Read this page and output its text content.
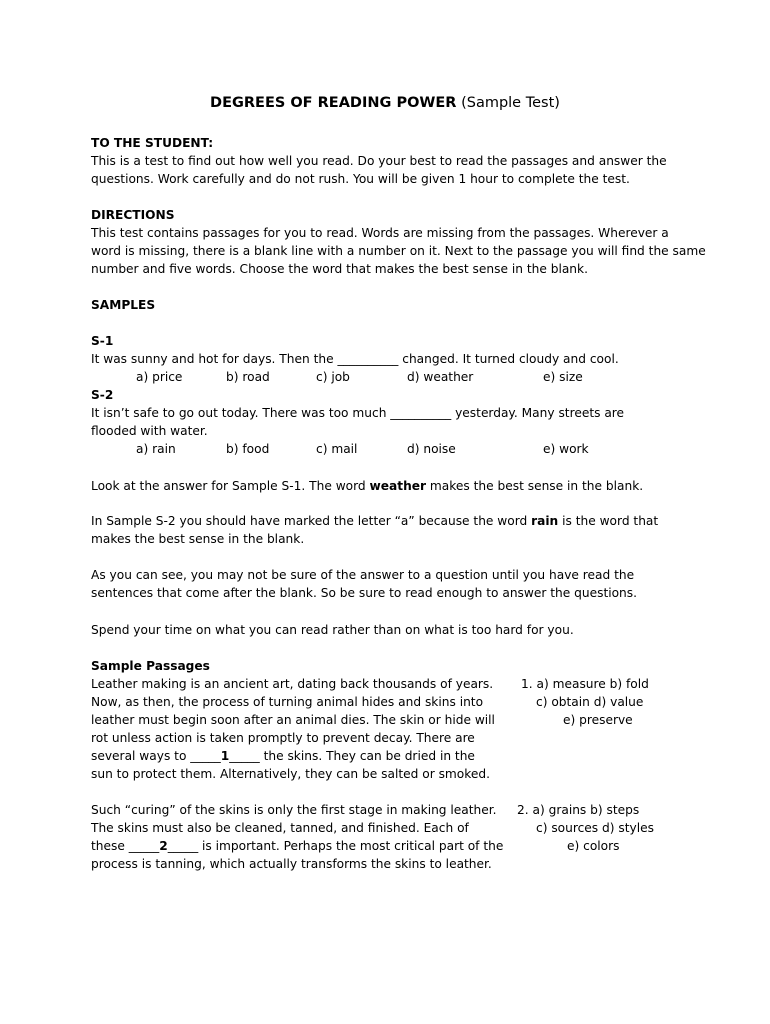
DEGREES OF READING POWER (Sample Test)
TO THE STUDENT:
This is a test to find out how well you read. Do your best to read the passages and answer the
questions. Work carefully and do not rush. You will be given 1 hour to complete the test.
DIRECTIONS
This test contains passages for you to read. Words are missing from the passages. Wherever a
word is missing, there is a blank line with a number on it. Next to the passage you will find the same
number and five words. Choose the word that makes the best sense in the blank.
SAMPLES
S-1
It was sunny and hot for days. Then the __________ changed. It turned cloudy and cool.
a) price	b) road	c) job	d) weather	e) size
S-2
It isn’t safe to go out today. There was too much __________ yesterday. Many streets are
flooded with water.
a) rain	b) food	c) mail	d) noise	e) work
Look at the answer for Sample S-1. The word weather makes the best sense in the blank.
In Sample S-2 you should have marked the letter “a” because the word rain is the word that
makes the best sense in the blank.
As you can see, you may not be sure of the answer to a question until you have read the
sentences that come after the blank. So be sure to read enough to answer the questions.
Spend your time on what you can read rather than on what is too hard for you.
Sample Passages
Leather making is an ancient art, dating back thousands of years.
Now, as then, the process of turning animal hides and skins into
leather must begin soon after an animal dies. The skin or hide will
rot unless action is taken promptly to prevent decay. There are
several ways to _____1_____ the skins. They can be dried in the
sun to protect them. Alternatively, they can be salted or smoked.
1. a) measure b) fold
c) obtain d) value
e) preserve
Such “curing” of the skins is only the first stage in making leather.
The skins must also be cleaned, tanned, and finished. Each of
these _____2_____ is important. Perhaps the most critical part of the
process is tanning, which actually transforms the skins to leather.
2. a) grains b) steps
c) sources d) styles
e) colors
